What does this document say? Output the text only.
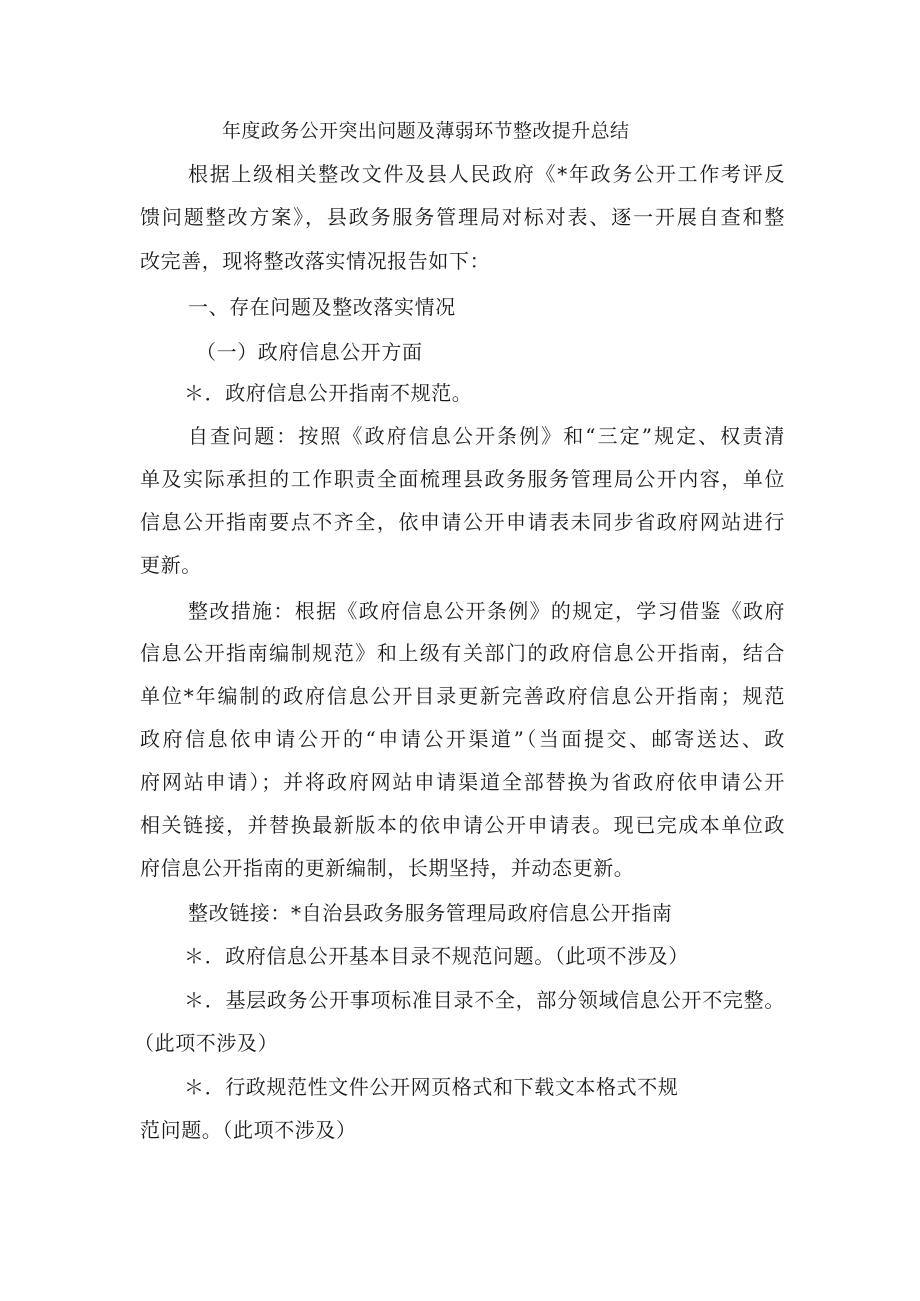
年度政务公开突出问题及薄弱环节整改提升总结
根据上级相关整改文件及县人民政府《*年政务公开工作考评反
馈问题整改方案》，县政务服务管理局对标对表、逐一开展自查和整
改完善，现将整改落实情况报告如下：
一、存在问题及整改落实情况
（一）政府信息公开方面
＊．政府信息公开指南不规范。
自查问题：按照《政府信息公开条例》和“三定”规定、权责清
单及实际承担的工作职责全面梳理县政务服务管理局公开内容，单位
信息公开指南要点不齐全，依申请公开申请表未同步省政府网站进行
更新。
整改措施：根据《政府信息公开条例》的规定，学习借鉴《政府
信息公开指南编制规范》和上级有关部门的政府信息公开指南，结合
单位*年编制的政府信息公开目录更新完善政府信息公开指南；规范
政府信息依申请公开的“申请公开渠道”（当面提交、邮寄送达、政
府网站申请）；并将政府网站申请渠道全部替换为省政府依申请公开
相关链接，并替换最新版本的依申请公开申请表。现已完成本单位政
府信息公开指南的更新编制，长期坚持，并动态更新。
整改链接：*自治县政务服务管理局政府信息公开指南
＊．政府信息公开基本目录不规范问题。（此项不涉及）
＊．基层政务公开事项标准目录不全，部分领域信息公开不完整。
（此项不涉及）
＊．行政规范性文件公开网页格式和下载文本格式不规
范问题。（此项不涉及）
